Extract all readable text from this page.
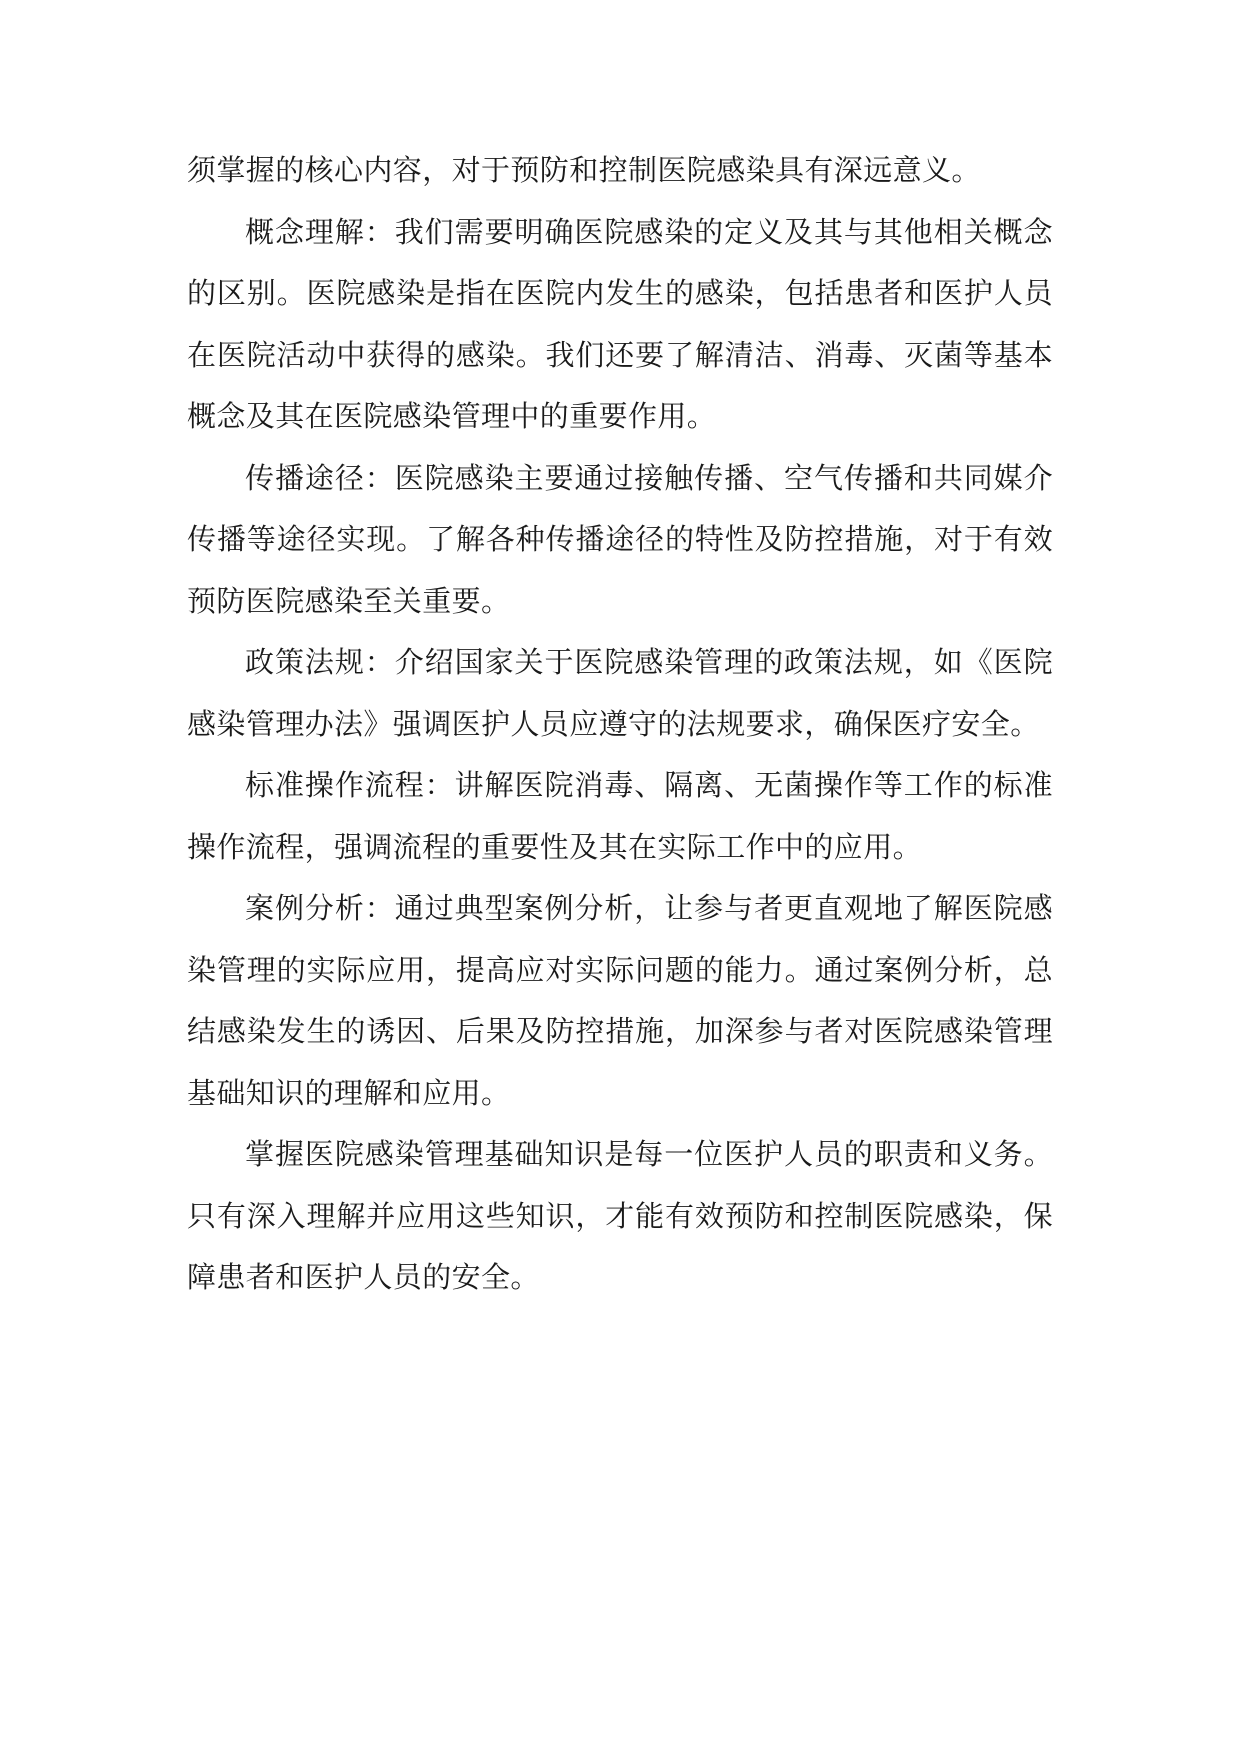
须掌握的核心内容，对于预防和控制医院感染具有深远意义。

概念理解：我们需要明确医院感染的定义及其与其他相关概念的区别。医院感染是指在医院内发生的感染，包括患者和医护人员在医院活动中获得的感染。我们还要了解清洁、消毒、灭菌等基本概念及其在医院感染管理中的重要作用。

传播途径：医院感染主要通过接触传播、空气传播和共同媒介传播等途径实现。了解各种传播途径的特性及防控措施，对于有效预防医院感染至关重要。

政策法规：介绍国家关于医院感染管理的政策法规，如《医院感染管理办法》强调医护人员应遵守的法规要求，确保医疗安全。

标准操作流程：讲解医院消毒、隔离、无菌操作等工作的标准操作流程，强调流程的重要性及其在实际工作中的应用。

案例分析：通过典型案例分析，让参与者更直观地了解医院感染管理的实际应用，提高应对实际问题的能力。通过案例分析，总结感染发生的诱因、后果及防控措施，加深参与者对医院感染管理基础知识的理解和应用。

掌握医院感染管理基础知识是每一位医护人员的职责和义务。只有深入理解并应用这些知识，才能有效预防和控制医院感染，保障患者和医护人员的安全。
